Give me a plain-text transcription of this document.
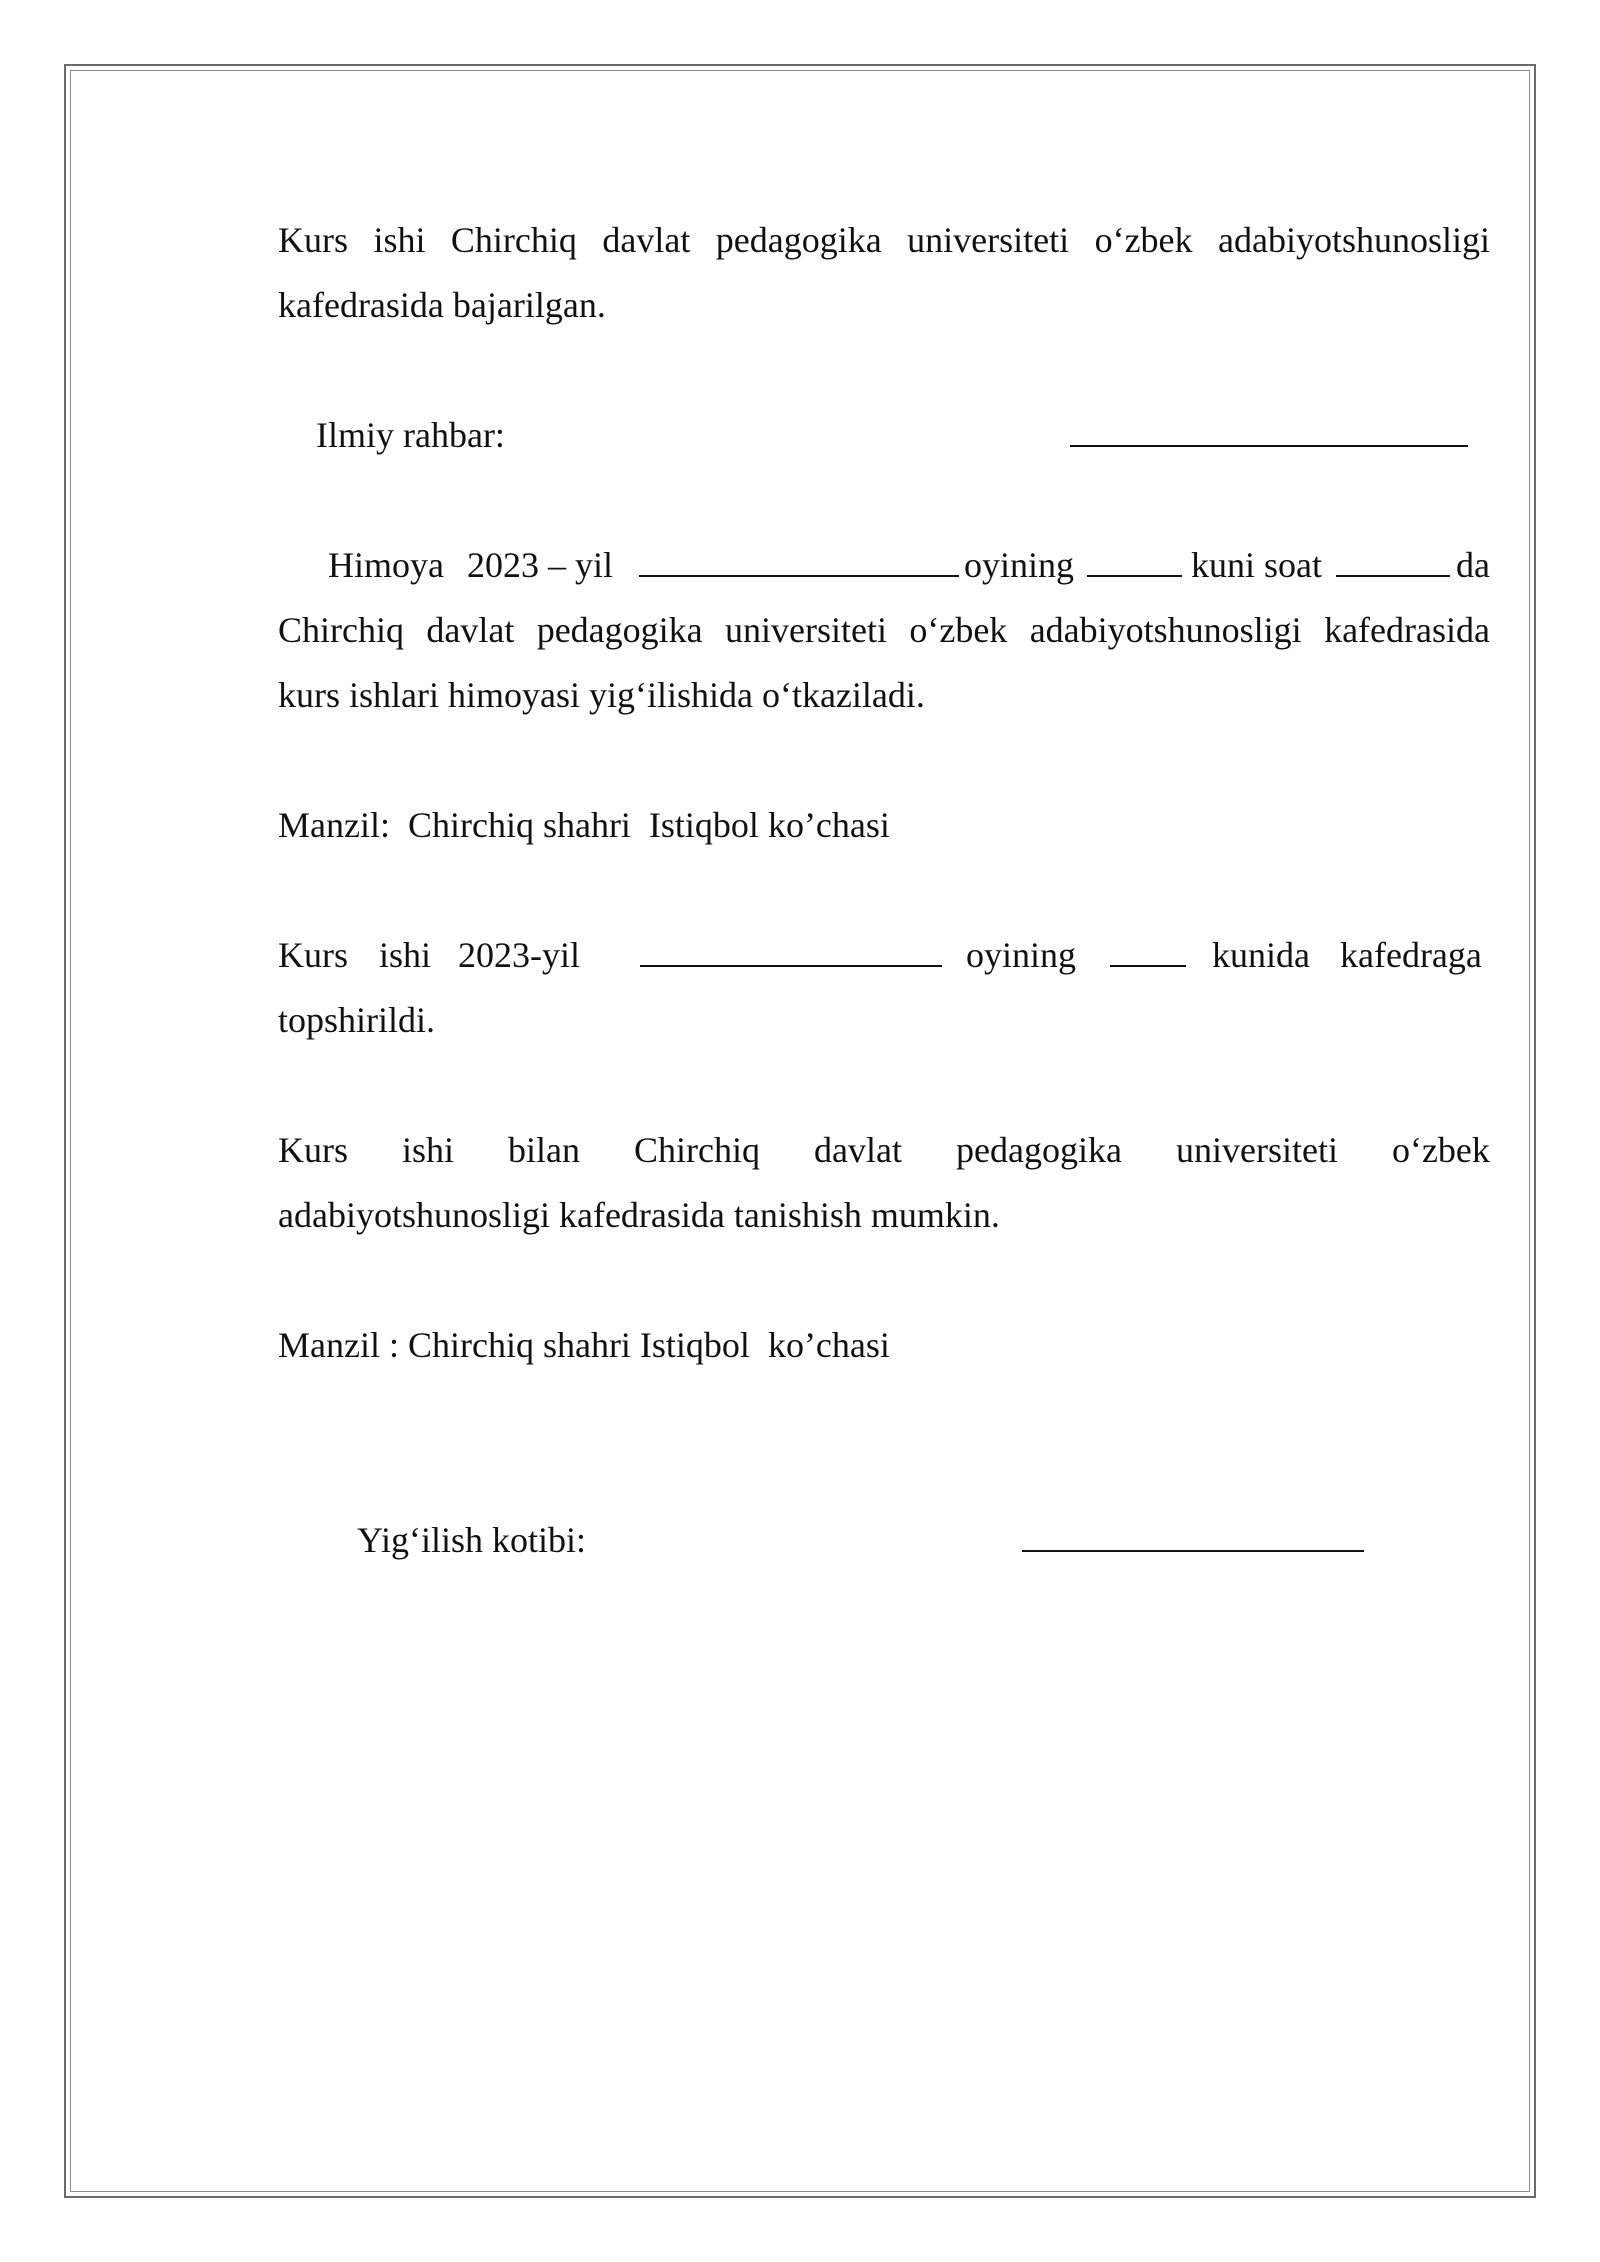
Kurs ishi Chirchiq davlat pedagogika universiteti o‘zbek adabiyotshunosligi
kafedrasida bajarilgan.
Ilmiy rahbar:
Himoya 2023 – yil	oyining	kuni soat	da
Chirchiq davlat pedagogika universiteti o‘zbek adabiyotshunosligi kafedrasida
kurs ishlari himoyasi yig‘ilishida o‘tkaziladi.
Manzil:  Chirchiq shahri  Istiqbol ko’chasi
Kurs ishi 2023-yil	oyining	kunida kafedraga
topshirildi.
Kurs ishi bilan Chirchiq davlat pedagogika universiteti o‘zbek
adabiyotshunosligi kafedrasida tanishish mumkin.
Manzil : Chirchiq shahri Istiqbol  ko’chasi
Yig‘ilish kotibi:
